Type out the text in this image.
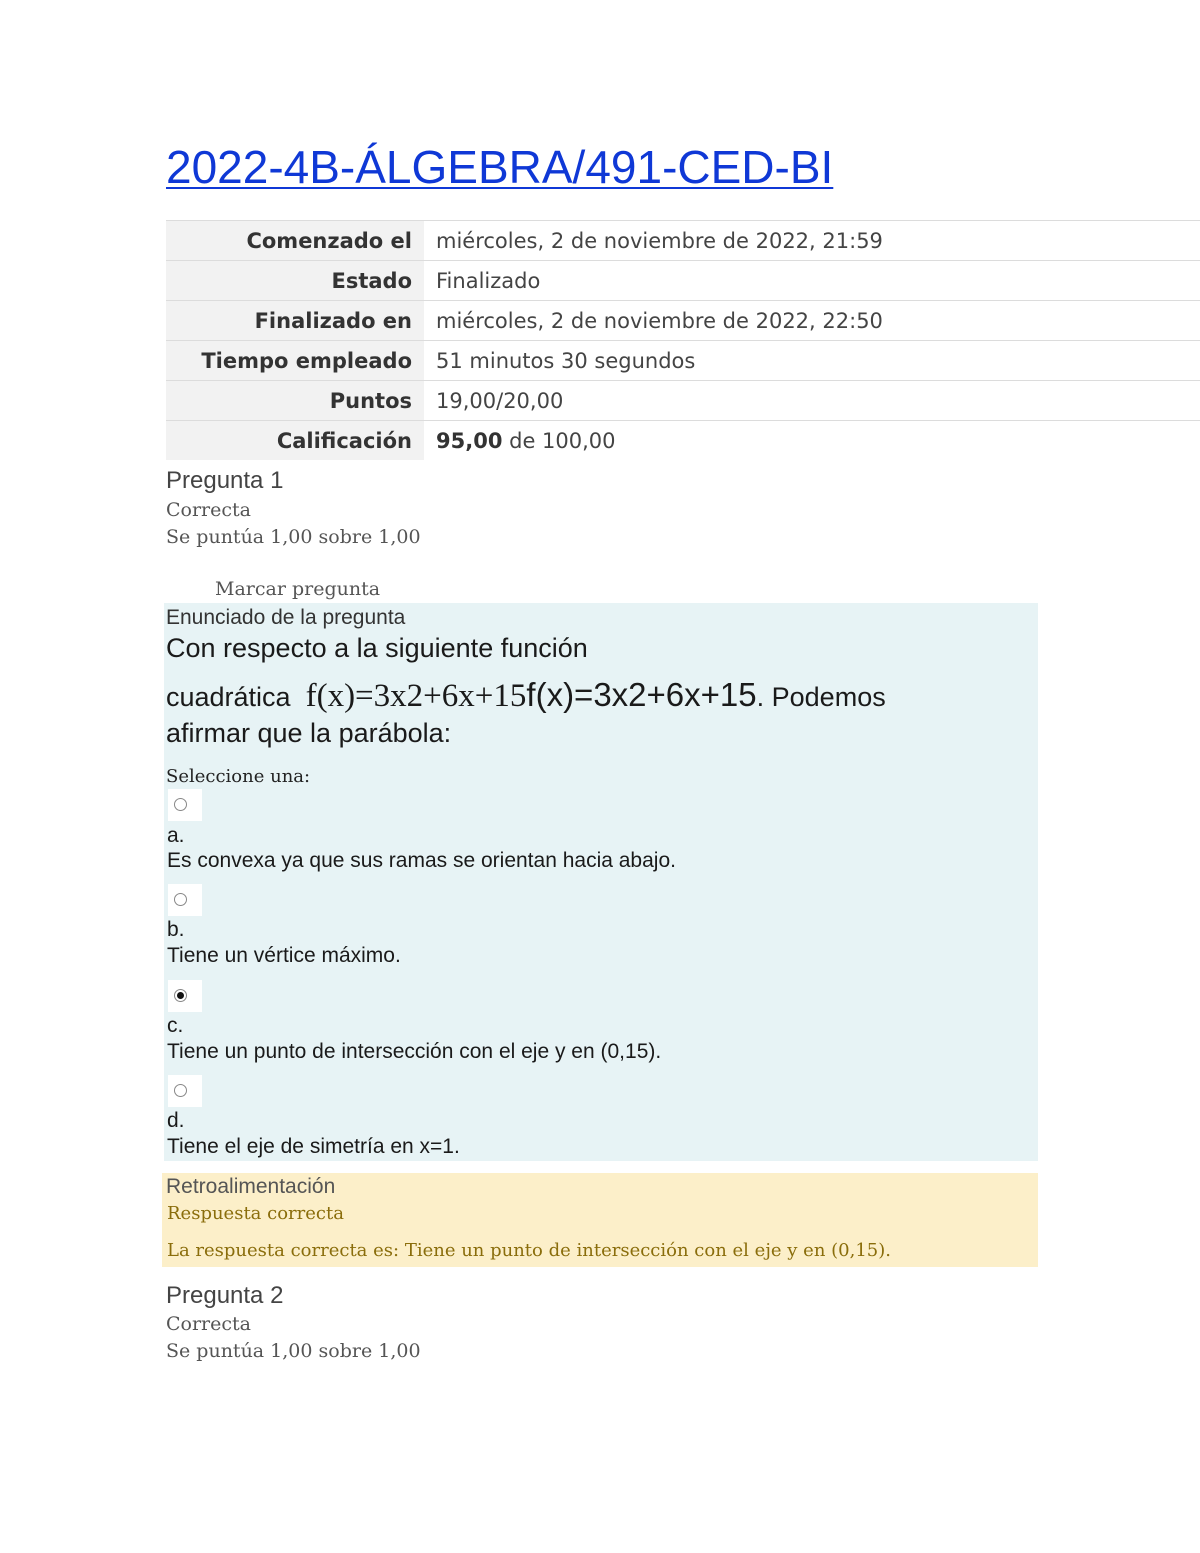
2022-4B-ÁLGEBRA/491-CED-BI
Comenzado el	miércoles, 2 de noviembre de 2022, 21:59
Estado	Finalizado
Finalizado en	miércoles, 2 de noviembre de 2022, 22:50
Tiempo empleado	51 minutos 30 segundos
Puntos	19,00/20,00
Calificación	95,00 de 100,00
Pregunta 1
Correcta
Se puntúa 1,00 sobre 1,00
Marcar pregunta
Enunciado de la pregunta
Con respecto a la siguiente función
cuadrática f(x)=3x2+6x+15f(x)=3x2+6x+15. Podemos
afirmar que la parábola:
Seleccione una:
a.
Es convexa ya que sus ramas se orientan hacia abajo.
b.
Tiene un vértice máximo.
c.
Tiene un punto de intersección con el eje y en (0,15).
d.
Tiene el eje de simetría en x=1.
Retroalimentación
Respuesta correcta
La respuesta correcta es: Tiene un punto de intersección con el eje y en (0,15).
Pregunta 2
Correcta
Se puntúa 1,00 sobre 1,00
